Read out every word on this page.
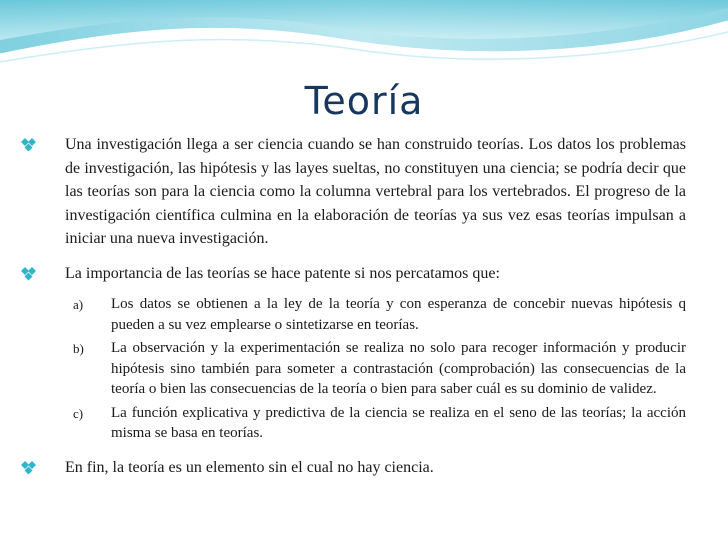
Teoría
Una investigación llega a ser ciencia cuando se han construido teorías. Los datos los problemas de investigación, las hipótesis y las layes sueltas, no constituyen una ciencia; se podría decir que las teorías son para la ciencia como la columna vertebral para los vertebrados. El progreso de la investigación científica culmina en la elaboración de teorías ya sus vez esas teorías impulsan a iniciar una nueva investigación.
La importancia de las teorías se hace patente si nos percatamos que:
a) Los datos se obtienen a la ley de la teoría y con esperanza de concebir nuevas hipótesis q pueden a su vez emplearse o sintetizarse en teorías.
b) La observación y la experimentación se realiza no solo para recoger información y producir hipótesis sino también para someter a contrastación (comprobación) las consecuencias de la teoría o bien las consecuencias de la teoría o bien para saber cuál es su dominio de validez.
c) La función explicativa y predictiva de la ciencia se realiza en el seno de las teorías; la acción misma se basa en teorías.
En fin, la teoría es un elemento sin el cual no hay ciencia.
